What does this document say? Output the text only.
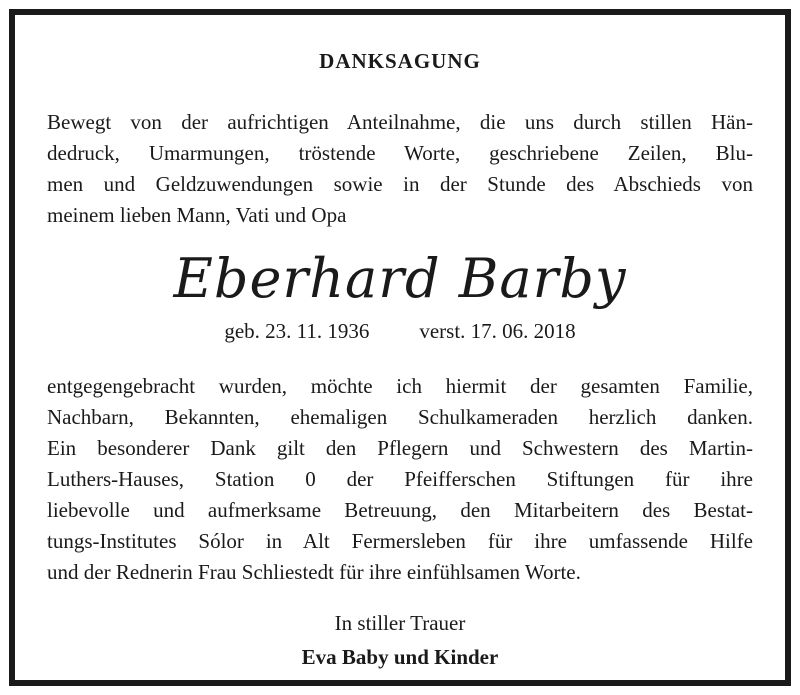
DANKSAGUNG
Bewegt von der aufrichtigen Anteilnahme, die uns durch stillen Hän-
dedruck, Umarmungen, tröstende Worte, geschriebene Zeilen, Blu-
men und Geldzuwendungen sowie in der Stunde des Abschieds von
meinem lieben Mann, Vati und Opa
Eberhard Barby
geb. 23. 11. 1936 verst. 17. 06. 2018
entgegengebracht wurden, möchte ich hiermit der gesamten Familie,
Nachbarn, Bekannten, ehemaligen Schulkameraden herzlich danken.
Ein besonderer Dank gilt den Pflegern und Schwestern des Martin-
Luthers-Hauses, Station 0 der Pfeifferschen Stiftungen für ihre
liebevolle und aufmerksame Betreuung, den Mitarbeitern des Bestat-
tungs-Institutes Sólor in Alt Fermersleben für ihre umfassende Hilfe
und der Rednerin Frau Schliestedt für ihre einfühlsamen Worte.
In stiller Trauer
Eva Baby und Kinder
